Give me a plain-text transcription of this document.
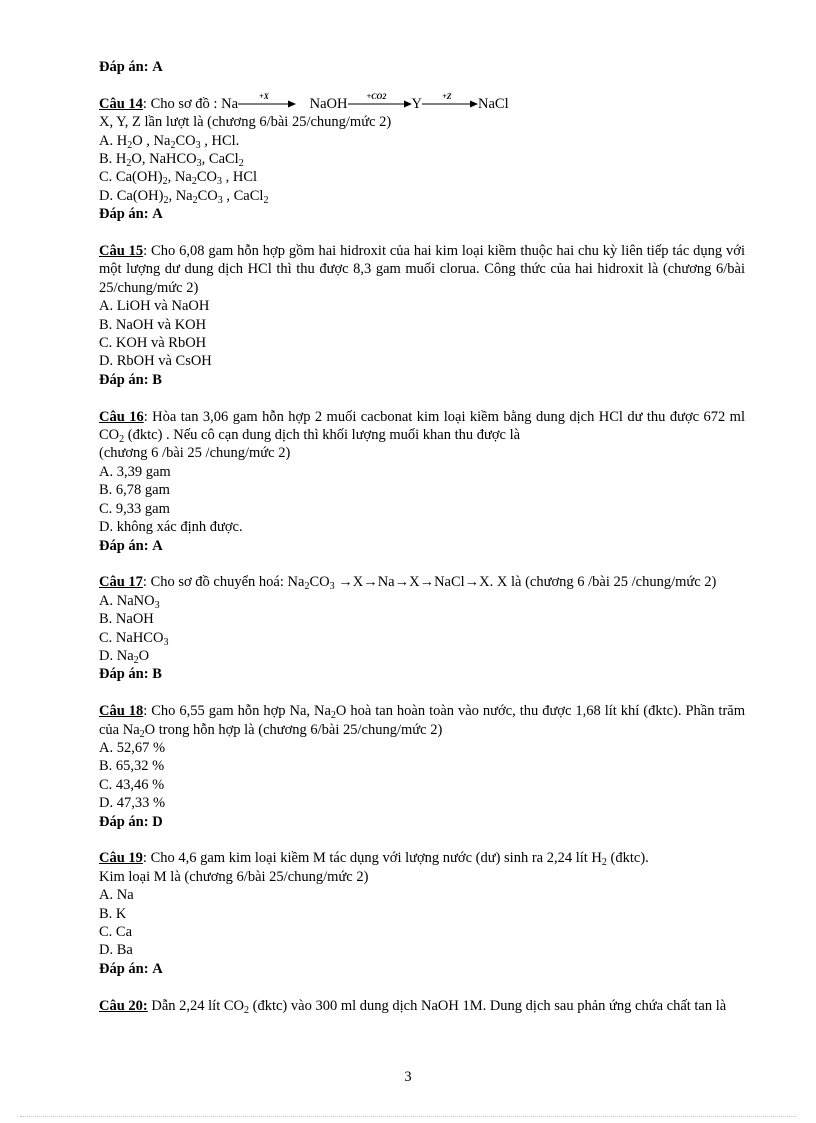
Đáp án: A
Câu 14: Cho sơ đồ : Na	+X	NaOH	+CO2	Y	+Z	NaCl
X, Y, Z lần lượt là (chương 6/bài 25/chung/mức 2)
A. $H_2O$ , $Na_2CO_3$ , HCl.
B. $H_2O$, NaHCO$_3$, CaCl$_2$
C. $Ca(OH)_2$, $Na_2CO_3$ , HCl
D. $Ca(OH)_2$, $Na_2CO_3$ , CaCl$_2$
Đáp án: A
Câu 15: Cho 6,08 gam hỗn hợp gồm hai hidroxit của hai kim loại kiềm thuộc hai chu kỳ liên tiếp tác dụng với một lượng dư dung dịch HCl thì thu được 8,3 gam muối clorua. Công thức của hai hidroxit là (chương 6/bài 25/chung/mức 2)
A. LiOH và NaOH
B. NaOH và KOH
C. KOH và RbOH
D. RbOH và CsOH
Đáp án: B
Câu 16: Hòa tan 3,06 gam hỗn hợp 2 muối cacbonat kim loại kiềm bằng dung dịch HCl dư thu được 672 ml $CO_2$ (đktc) . Nếu cô cạn dung dịch thì khối lượng muối khan thu được là
(chương 6 /bài 25 /chung/mức 2)
A. 3,39 gam
B. 6,78 gam
C. 9,33 gam
D. không xác định được.
Đáp án: A
Câu 17: Cho sơ đồ chuyển hoá: $Na_2CO_3$ →X→Na→X→NaCl→X. X là (chương 6 /bài 25 /chung/mức 2)
A. NaNO$_3$
B. NaOH
C. NaHCO$_3$
D. $Na_2O$
Đáp án: B
Câu 18: Cho 6,55 gam hỗn hợp Na, $Na_2O$ hoà tan hoàn toàn vào nước, thu được 1,68 lít khí (đktc). Phần trăm của $Na_2O$ trong hỗn hợp là (chương 6/bài 25/chung/mức 2)
A. 52,67 %
B. 65,32 %
C. 43,46 %
D. 47,33 %
Đáp án: D
Câu 19: Cho 4,6 gam kim loại kiềm M tác dụng với lượng nước (dư) sinh ra 2,24 lít $H_2$ (đktc).
Kim loại M là (chương 6/bài 25/chung/mức 2)
A. Na
B. K
C. Ca
D. Ba
Đáp án: A
Câu 20: Dẫn 2,24 lít $CO_2$ (đktc) vào 300 ml dung dịch NaOH 1M. Dung dịch sau phản ứng chứa chất tan là
3
